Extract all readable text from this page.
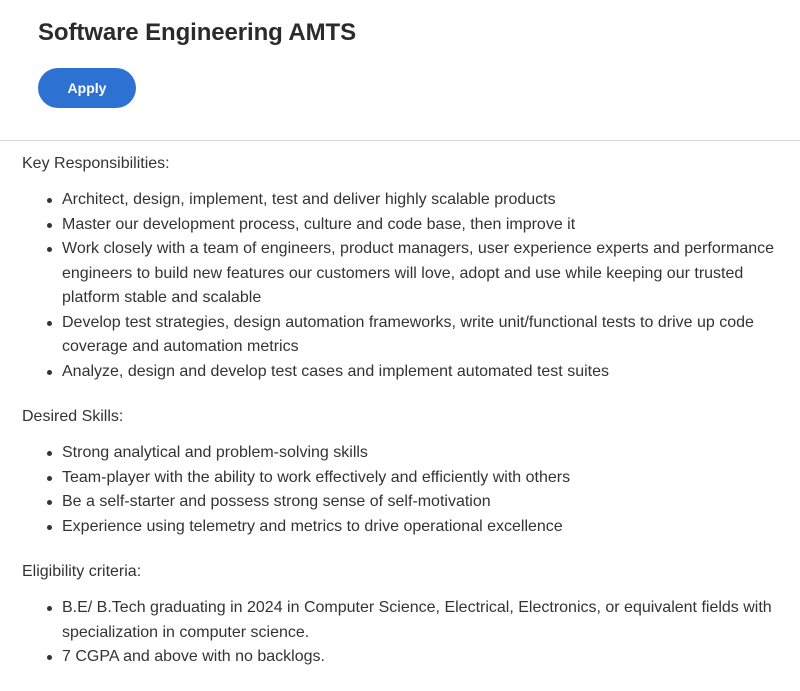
Software Engineering AMTS
Apply
Key Responsibilities:
Architect, design, implement, test and deliver highly scalable products
Master our development process, culture and code base, then improve it
Work closely with a team of engineers, product managers, user experience experts and performance engineers to build new features our customers will love, adopt and use while keeping our trusted platform stable and scalable
Develop test strategies, design automation frameworks, write unit/functional tests to drive up code coverage and automation metrics
Analyze, design and develop test cases and implement automated test suites
Desired Skills:
Strong analytical and problem-solving skills
Team-player with the ability to work effectively and efficiently with others
Be a self-starter and possess strong sense of self-motivation
Experience using telemetry and metrics to drive operational excellence
Eligibility criteria:
B.E/ B.Tech graduating in 2024 in Computer Science, Electrical, Electronics, or equivalent fields with specialization in computer science.
7 CGPA and above with no backlogs.
